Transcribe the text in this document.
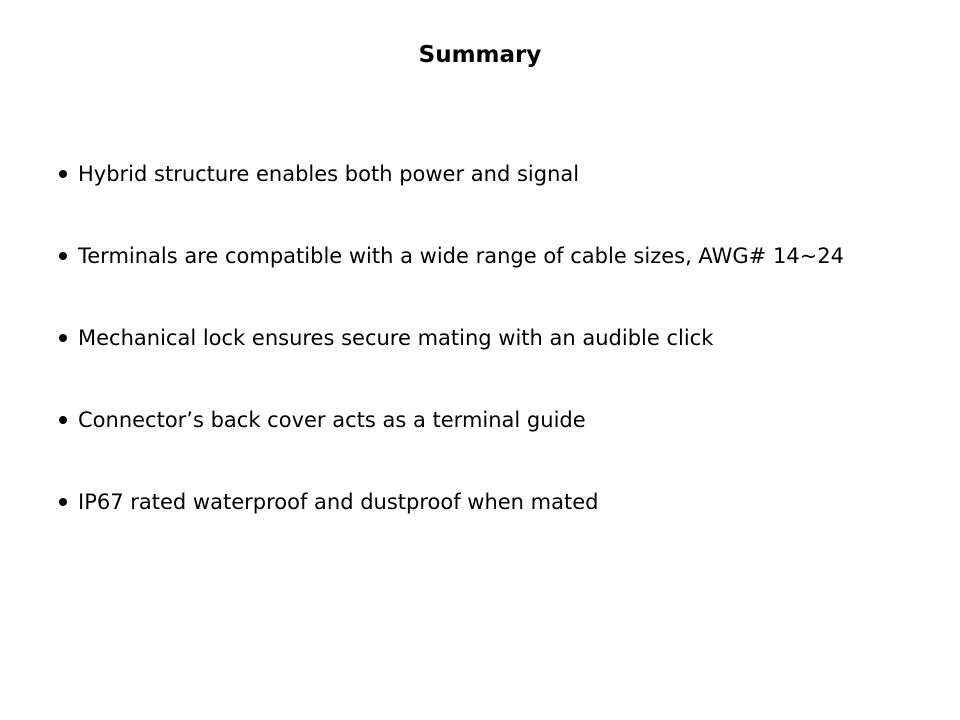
Summary
Hybrid structure enables both power and signal
Terminals are compatible with a wide range of cable sizes, AWG# 14~24
Mechanical lock ensures secure mating with an audible click
Connector’s back cover acts as a terminal guide
IP67 rated waterproof and dustproof when mated
